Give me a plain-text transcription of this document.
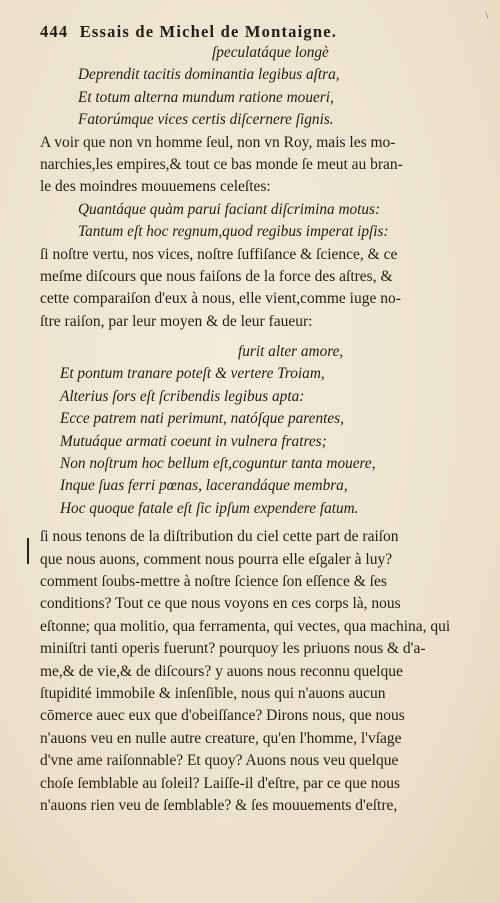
\
444 Essais de Michel de Montaigne.
ſpeculatáque longè
Deprendit tacitis dominantia legibus aſtra,
Et totum alterna mundum ratione moueri,
Fatorúmque vices certis diſcernere ſignis.
A voir que non vn homme ſeul, non vn Roy, mais les mo-
narchies,les empires,& tout ce bas monde ſe meut au bran-
le des moindres mouuemens celeſtes:
Quantáque quàm parui faciant diſcrimina motus:
Tantum eſt hoc regnum,quod regibus imperat ipſis:
ſi noſtre vertu, nos vices, noſtre ſuffiſance & ſcience, & ce
meſme diſcours que nous faiſons de la force des aſtres, &
cette comparaiſon d'eux à nous, elle vient,comme iuge no-
ſtre raiſon, par leur moyen & de leur faueur:
furit alter amore,
Et pontum tranare poteſt & vertere Troiam,
Alterius ſors eſt ſcribendis legibus apta:
Ecce patrem nati perimunt, natóſque parentes,
Mutuáque armati coeunt in vulnera fratres;
Non noſtrum hoc bellum eſt,coguntur tanta mouere,
Inque ſuas ferri pœnas, lacerandáque membra,
Hoc quoque fatale eſt ſic ipſum expendere fatum.
ſi nous tenons de la diſtribution du ciel cette part de raiſon
que nous auons, comment nous pourra elle eſgaler à luy?
comment ſoubs-mettre à noſtre ſcience ſon eſſence & ſes
conditions? Tout ce que nous voyons en ces corps là, nous
eſtonne; qua molitio, qua ferramenta, qui vectes, qua machina, qui
miniſtri tanti operis fuerunt? pourquoy les priuons nous & d'a-
me,& de vie,& de diſcours? y auons nous reconnu quelque
ſtupidité immobile & inſenſible, nous qui n'auons aucun
cōmerce auec eux que d'obeiſſance? Dirons nous, que nous
n'auons veu en nulle autre creature, qu'en l'homme, l'vſage
d'vne ame raiſonnable? Et quoy? Auons nous veu quelque
choſe ſemblable au ſoleil? Laiſſe-il d'eſtre, par ce que nous
n'auons rien veu de ſemblable? & ſes mouuements d'eſtre,
